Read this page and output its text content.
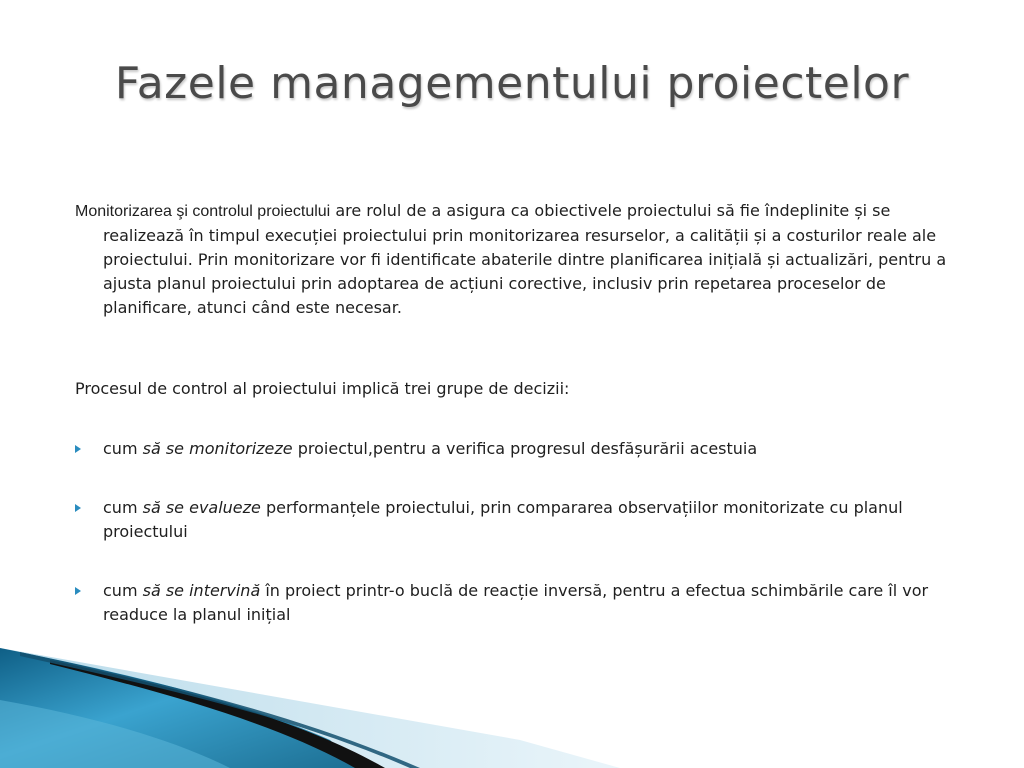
Fazele managementului proiectelor

Monitorizarea şi controlul proiectului are rolul de a asigura ca obiectivele proiectului să fie îndeplinite și se realizează în timpul execuției proiectului prin monitorizarea resurselor, a calității și a costurilor reale ale proiectului. Prin monitorizare vor fi identificate abaterile dintre planificarea inițială și actualizări, pentru a ajusta planul proiectului prin adoptarea de acțiuni corective, inclusiv prin repetarea proceselor de planificare, atunci când este necesar.

Procesul de control al proiectului implică trei grupe de decizii:

cum să se monitorizeze proiectul,pentru a verifica progresul desfășurării acestuia
cum să se evalueze performanțele proiectului, prin compararea observațiilor monitorizate cu planul proiectului
cum să se intervină în proiect printr-o buclă de reacție inversă, pentru a efectua schimbările care îl vor readuce la planul inițial
